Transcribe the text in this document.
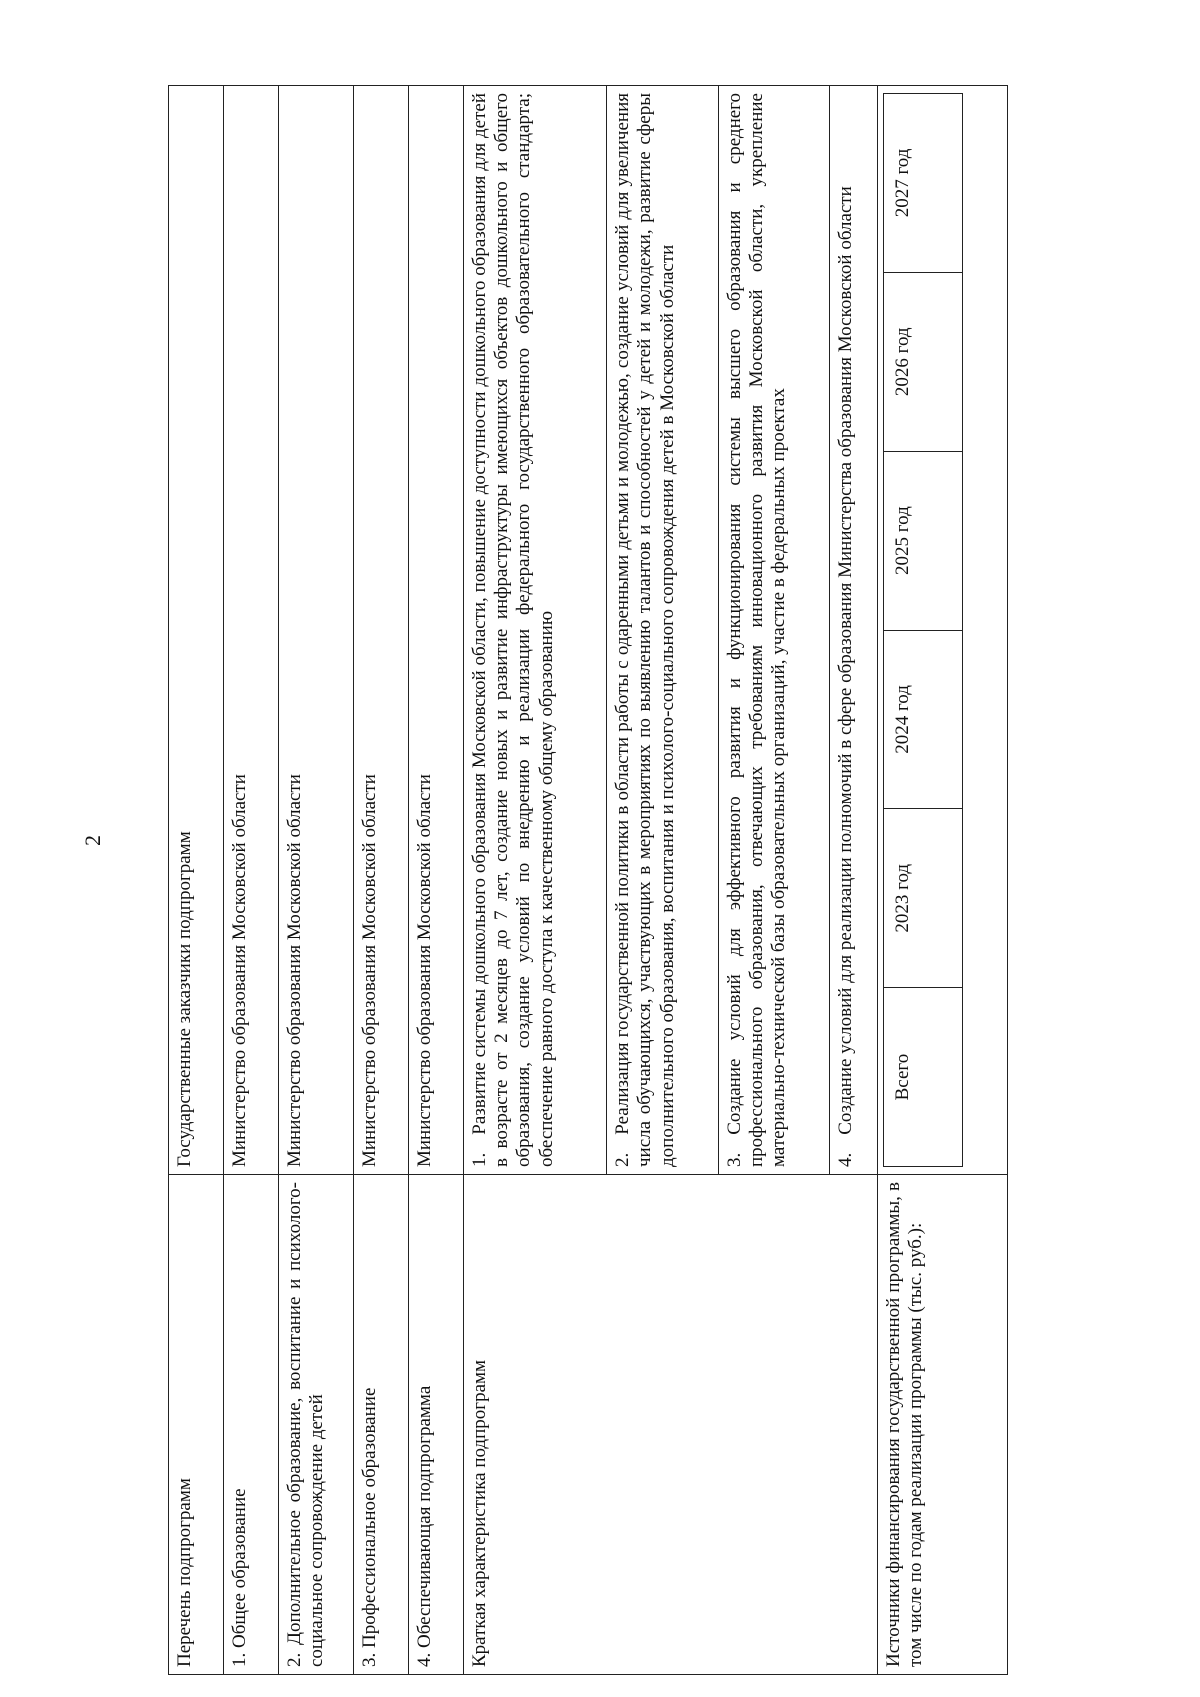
2
Перечень подпрограмм	Государственные заказчики подпрограмм
1. Общее образование	Министерство образования Московской области
2. Дополнительное образование, воспитание и психолого-социальное сопровождение детей	Министерство образования Московской области
3. Профессиональное образование	Министерство образования Московской области
4. Обеспечивающая подпрограмма	Министерство образования Московской области
Краткая характеристика подпрограмм	1.Развитие системы дошкольного образования Московской области, повышение доступности дошкольного образования для детей в возрасте от 2 месяцев до 7 лет, создание новых и развитие инфраструктуры имеющихся объектов дошкольного и общего образования, создание условий по внедрению и реализации федерального государственного образовательного стандарта; обеспечение равного доступа к качественному общему образованию
2.Реализация государственной политики в области работы с одаренными детьми и молодежью, создание условий для увеличения числа обучающихся, участвующих в мероприятиях по выявлению талантов и способностей у детей и молодежи, развитие сферы дополнительного образования, воспитания и психолого-социального сопровождения детей в Московской области
3.Создание условий для эффективного развития и функционирования системы высшего образования и среднего профессионального образования, отвечающих требованиям инновационного развития Московской области, укрепление материально-технической базы образовательных организаций, участие в федеральных проектах
4.Создание условий для реализации полномочий в сфере образования Министерства образования Московской области
Источники финансирования государственной программы, в том числе по годам реализации программы (тыс. руб.):	
Всего	2023 год	2024 год	2025 год	2026 год	2027 год
